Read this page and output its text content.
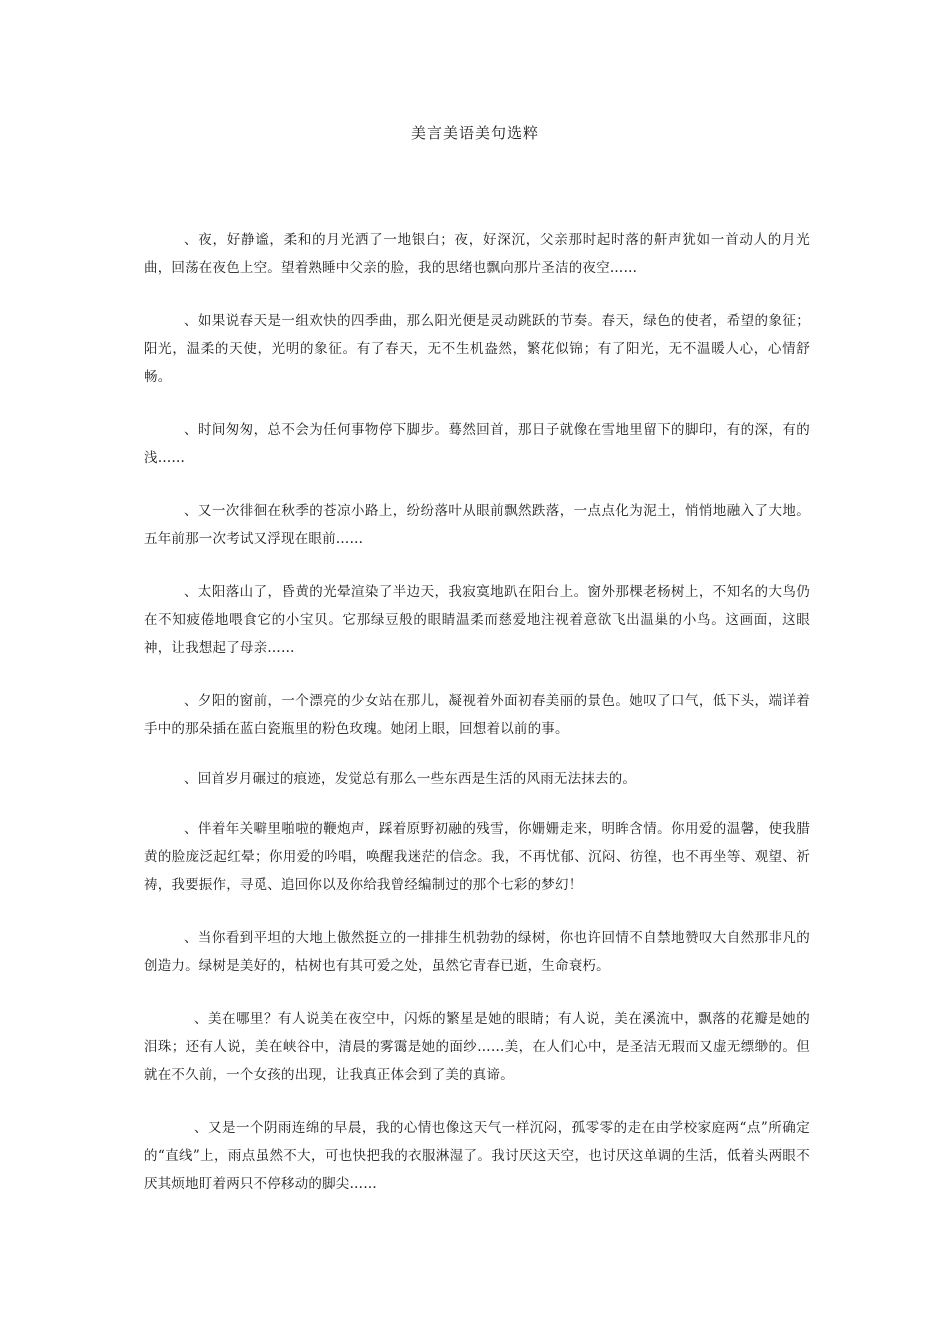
美言美语美句选粹

、夜，好静谧，柔和的月光洒了一地银白；夜，好深沉，父亲那时起时落的鼾声犹如一首动人的月光曲，回荡在夜色上空。望着熟睡中父亲的脸，我的思绪也飘向那片圣洁的夜空……

、如果说春天是一组欢快的四季曲，那么阳光便是灵动跳跃的节奏。春天，绿色的使者，希望的象征；阳光，温柔的天使，光明的象征。有了春天，无不生机盎然，繁花似锦；有了阳光，无不温暖人心，心情舒畅。

、时间匆匆，总不会为任何事物停下脚步。蓦然回首，那日子就像在雪地里留下的脚印，有的深，有的浅……

、又一次徘徊在秋季的苍凉小路上，纷纷落叶从眼前飘然跌落，一点点化为泥土，悄悄地融入了大地。五年前那一次考试又浮现在眼前……

、太阳落山了，昏黄的光晕渲染了半边天，我寂寞地趴在阳台上。窗外那棵老杨树上，不知名的大鸟仍在不知疲倦地喂食它的小宝贝。它那绿豆般的眼睛温柔而慈爱地注视着意欲飞出温巢的小鸟。这画面，这眼神，让我想起了母亲……

、夕阳的窗前，一个漂亮的少女站在那儿，凝视着外面初春美丽的景色。她叹了口气，低下头，端详着手中的那朵插在蓝白瓷瓶里的粉色玫瑰。她闭上眼，回想着以前的事。

、回首岁月碾过的痕迹，发觉总有那么一些东西是生活的风雨无法抹去的。

、伴着年关噼里啪啦的鞭炮声，踩着原野初融的残雪，你姗姗走来，明眸含情。你用爱的温馨，使我腊黄的脸庞泛起红晕；你用爱的吟唱，唤醒我迷茫的信念。我，不再忧郁、沉闷、彷徨，也不再坐等、观望、祈祷，我要振作，寻觅、追回你以及你给我曾经编制过的那个七彩的梦幻！

、当你看到平坦的大地上傲然挺立的一排排生机勃勃的绿树，你也许回情不自禁地赞叹大自然那非凡的创造力。绿树是美好的，枯树也有其可爱之处，虽然它青春已逝，生命衰朽。

、美在哪里？有人说美在夜空中，闪烁的繁星是她的眼睛；有人说，美在溪流中，飘落的花瓣是她的泪珠；还有人说，美在峡谷中，清晨的雾霭是她的面纱……美，在人们心中，是圣洁无瑕而又虚无缥缈的。但就在不久前，一个女孩的出现，让我真正体会到了美的真谛。

、又是一个阴雨连绵的早晨，我的心情也像这天气一样沉闷，孤零零的走在由学校家庭两“点”所确定的“直线”上，雨点虽然不大，可也快把我的衣服淋湿了。我讨厌这天空，也讨厌这单调的生活，低着头两眼不厌其烦地盯着两只不停移动的脚尖……
